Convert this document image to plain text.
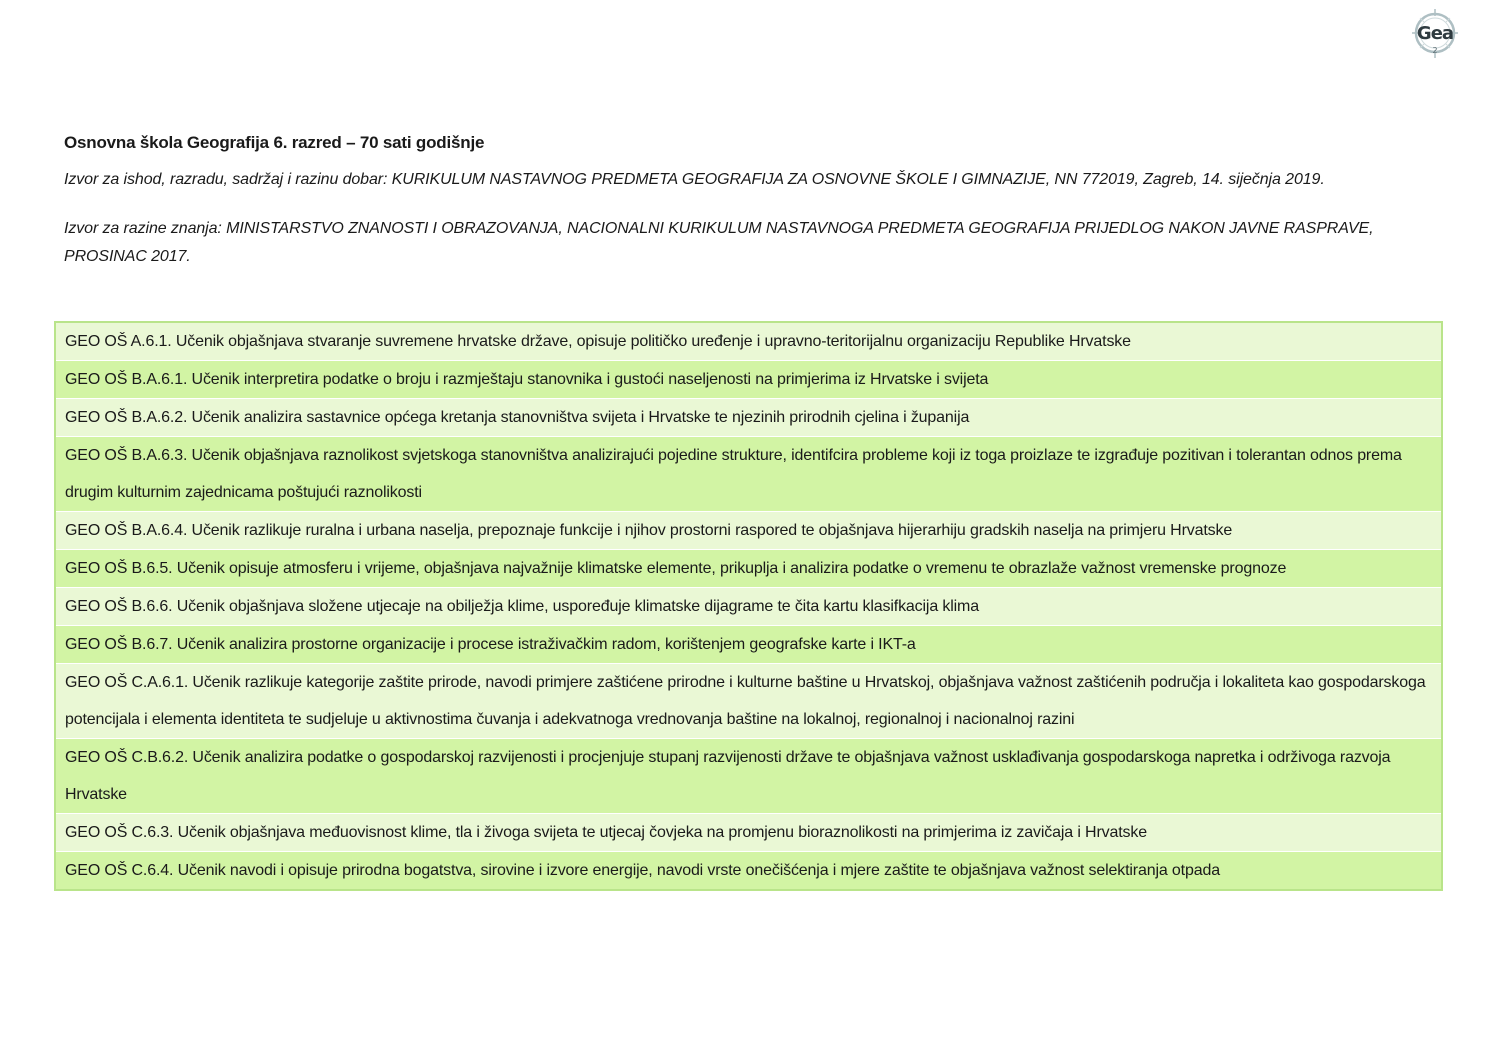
Gea
2
Osnovna škola Geografija 6. razred – 70 sati godišnje
Izvor za ishod, razradu, sadržaj i razinu dobar: KURIKULUM NASTAVNOG PREDMETA GEOGRAFIJA ZA OSNOVNE ŠKOLE I GIMNAZIJE, NN 772019, Zagreb, 14. siječnja 2019.
Izvor za razine znanja: MINISTARSTVO ZNANOSTI I OBRAZOVANJA, NACIONALNI KURIKULUM NASTAVNOGA PREDMETA GEOGRAFIJA PRIJEDLOG NAKON JAVNE RASPRAVE, PROSINAC 2017.
GEO OŠ A.6.1. Učenik objašnjava stvaranje suvremene hrvatske države, opisuje političko uređenje i upravno-teritorijalnu organizaciju Republike Hrvatske
GEO OŠ B.A.6.1. Učenik interpretira podatke o broju i razmještaju stanovnika i gustoći naseljenosti na primjerima iz Hrvatske i svijeta
GEO OŠ B.A.6.2. Učenik analizira sastavnice općega kretanja stanovništva svijeta i Hrvatske te njezinih prirodnih cjelina i županija
GEO OŠ B.A.6.3. Učenik objašnjava raznolikost svjetskoga stanovništva analizirajući pojedine strukture, identifcira probleme koji iz toga proizlaze te izgrađuje pozitivan i tolerantan odnos prema drugim kulturnim zajednicama poštujući raznolikosti
GEO OŠ B.A.6.4. Učenik razlikuje ruralna i urbana naselja, prepoznaje funkcije i njihov prostorni raspored te objašnjava hijerarhiju gradskih naselja na primjeru Hrvatske
GEO OŠ B.6.5. Učenik opisuje atmosferu i vrijeme, objašnjava najvažnije klimatske elemente, prikuplja i analizira podatke o vremenu te obrazlaže važnost vremenske prognoze
GEO OŠ B.6.6. Učenik objašnjava složene utjecaje na obilježja klime, uspoređuje klimatske dijagrame te čita kartu klasifkacija klima
GEO OŠ B.6.7. Učenik analizira prostorne organizacije i procese istraživačkim radom, korištenjem geografske karte i IKT-a
GEO OŠ C.A.6.1. Učenik razlikuje kategorije zaštite prirode, navodi primjere zaštićene prirodne i kulturne baštine u Hrvatskoj, objašnjava važnost zaštićenih područja i lokaliteta kao gospodarskoga potencijala i elementa identiteta te sudjeluje u aktivnostima čuvanja i adekvatnoga vrednovanja baštine na lokalnoj, regionalnoj i nacionalnoj razini
GEO OŠ C.B.6.2. Učenik analizira podatke o gospodarskoj razvijenosti i procjenjuje stupanj razvijenosti države te objašnjava važnost usklađivanja gospodarskoga napretka i održivoga razvoja Hrvatske
GEO OŠ C.6.3. Učenik objašnjava međuovisnost klime, tla i živoga svijeta te utjecaj čovjeka na promjenu bioraznolikosti na primjerima iz zavičaja i Hrvatske
GEO OŠ C.6.4. Učenik navodi i opisuje prirodna bogatstva, sirovine i izvore energije, navodi vrste onečišćenja i mjere zaštite te objašnjava važnost selektiranja otpada
